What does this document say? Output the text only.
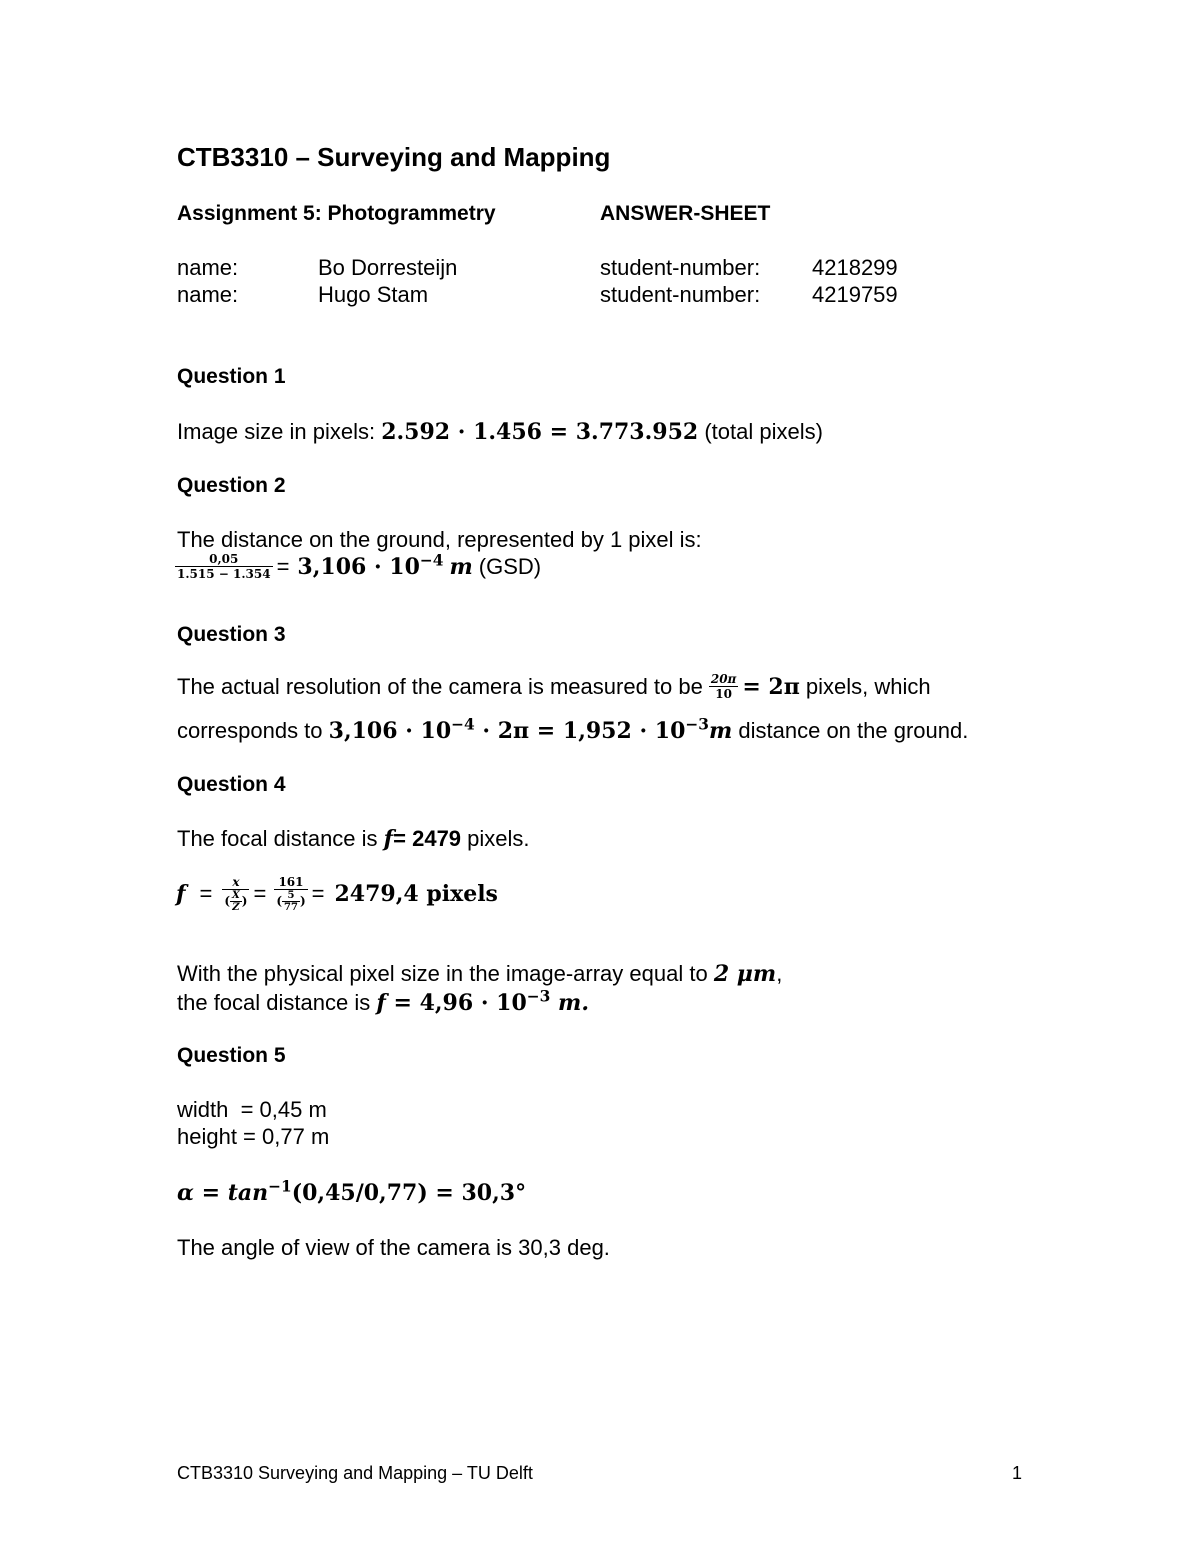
CTB3310 – Surveying and Mapping
Assignment 5: Photogrammetry	ANSWER-SHEET
name:	Bo Dorresteijn	student-number: 4218299
name:	Hugo Stam	student-number: 4219759
Question 1
Image size in pixels: 2.592 · 1.456 = 3.773.952 (total pixels)
Question 2
The distance on the ground, represented by 1 pixel is:
$\frac{0,05}{1.515 - 1.354} = 3,106 \cdot 10^{-4}$ m (GSD)
Question 3
The actual resolution of the camera is measured to be $\frac{20\pi}{10} = 2\pi$ pixels, which
corresponds to $3,106 \cdot 10^{-4} \cdot 2\pi = 1,952 \cdot 10^{-3}m$ distance on the ground.
Question 4
The focal distance is f= 2479 pixels.
$f = \frac{x}{( \frac{X}{Z} )} = \frac{161}{( \frac{5}{77} )} = 2479,4$ pixels
With the physical pixel size in the image-array equal to 2 μm,
the focal distance is $f = 4,96 \cdot 10^{-3}$ m.
Question 5
width  = 0,45 m
height = 0,77 m
$\alpha = \tan^{-1}(0,45/0,77) = 30,3^\circ$
The angle of view of the camera is 30,3 deg.
CTB3310 Surveying and Mapping – TU Delft	1
